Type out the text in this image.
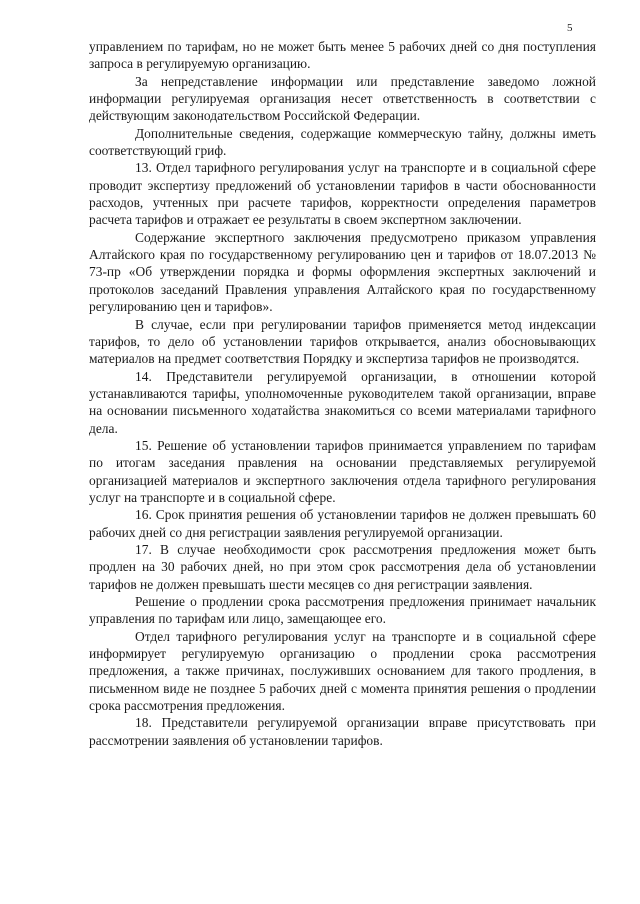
5

управлением по тарифам, но не может быть менее 5 рабочих дней со дня поступления запроса в регулируемую организацию.

За непредставление информации или представление заведомо ложной информации регулируемая организация несет ответственность в соответствии с действующим законодательством Российской Федерации.

Дополнительные сведения, содержащие коммерческую тайну, должны иметь соответствующий гриф.

13. Отдел тарифного регулирования услуг на транспорте и в социальной сфере проводит экспертизу предложений об установлении тарифов в части обоснованности расходов, учтенных при расчете тарифов, корректности определения параметров расчета тарифов и отражает ее результаты в своем экспертном заключении.

Содержание экспертного заключения предусмотрено приказом управления Алтайского края по государственному регулированию цен и тарифов от 18.07.2013 № 73-пр «Об утверждении порядка и формы оформления экспертных заключений и протоколов заседаний Правления управления Алтайского края по государственному регулированию цен и тарифов».

В случае, если при регулировании тарифов применяется метод индексации тарифов, то дело об установлении тарифов открывается, анализ обосновывающих материалов на предмет соответствия Порядку и экспертиза тарифов не производятся.

14. Представители регулируемой организации, в отношении которой устанавливаются тарифы, уполномоченные руководителем такой организации, вправе на основании письменного ходатайства знакомиться со всеми материалами тарифного дела.

15. Решение об установлении тарифов принимается управлением по тарифам по итогам заседания правления на основании представляемых регулируемой организацией материалов и экспертного заключения отдела тарифного регулирования услуг на транспорте и в социальной сфере.

16. Срок принятия решения об установлении тарифов не должен превышать 60 рабочих дней со дня регистрации заявления регулируемой организации.

17. В случае необходимости срок рассмотрения предложения может быть продлен на 30 рабочих дней, но при этом срок рассмотрения дела об установлении тарифов не должен превышать шести месяцев со дня регистрации заявления.

Решение о продлении срока рассмотрения предложения принимает начальник управления по тарифам или лицо, замещающее его.

Отдел тарифного регулирования услуг на транспорте и в социальной сфере информирует регулируемую организацию о продлении срока рассмотрения предложения, а также причинах, послуживших основанием для такого продления, в письменном виде не позднее 5 рабочих дней с момента принятия решения о продлении срока рассмотрения предложения.

18. Представители регулируемой организации вправе присутствовать при рассмотрении заявления об установлении тарифов.
